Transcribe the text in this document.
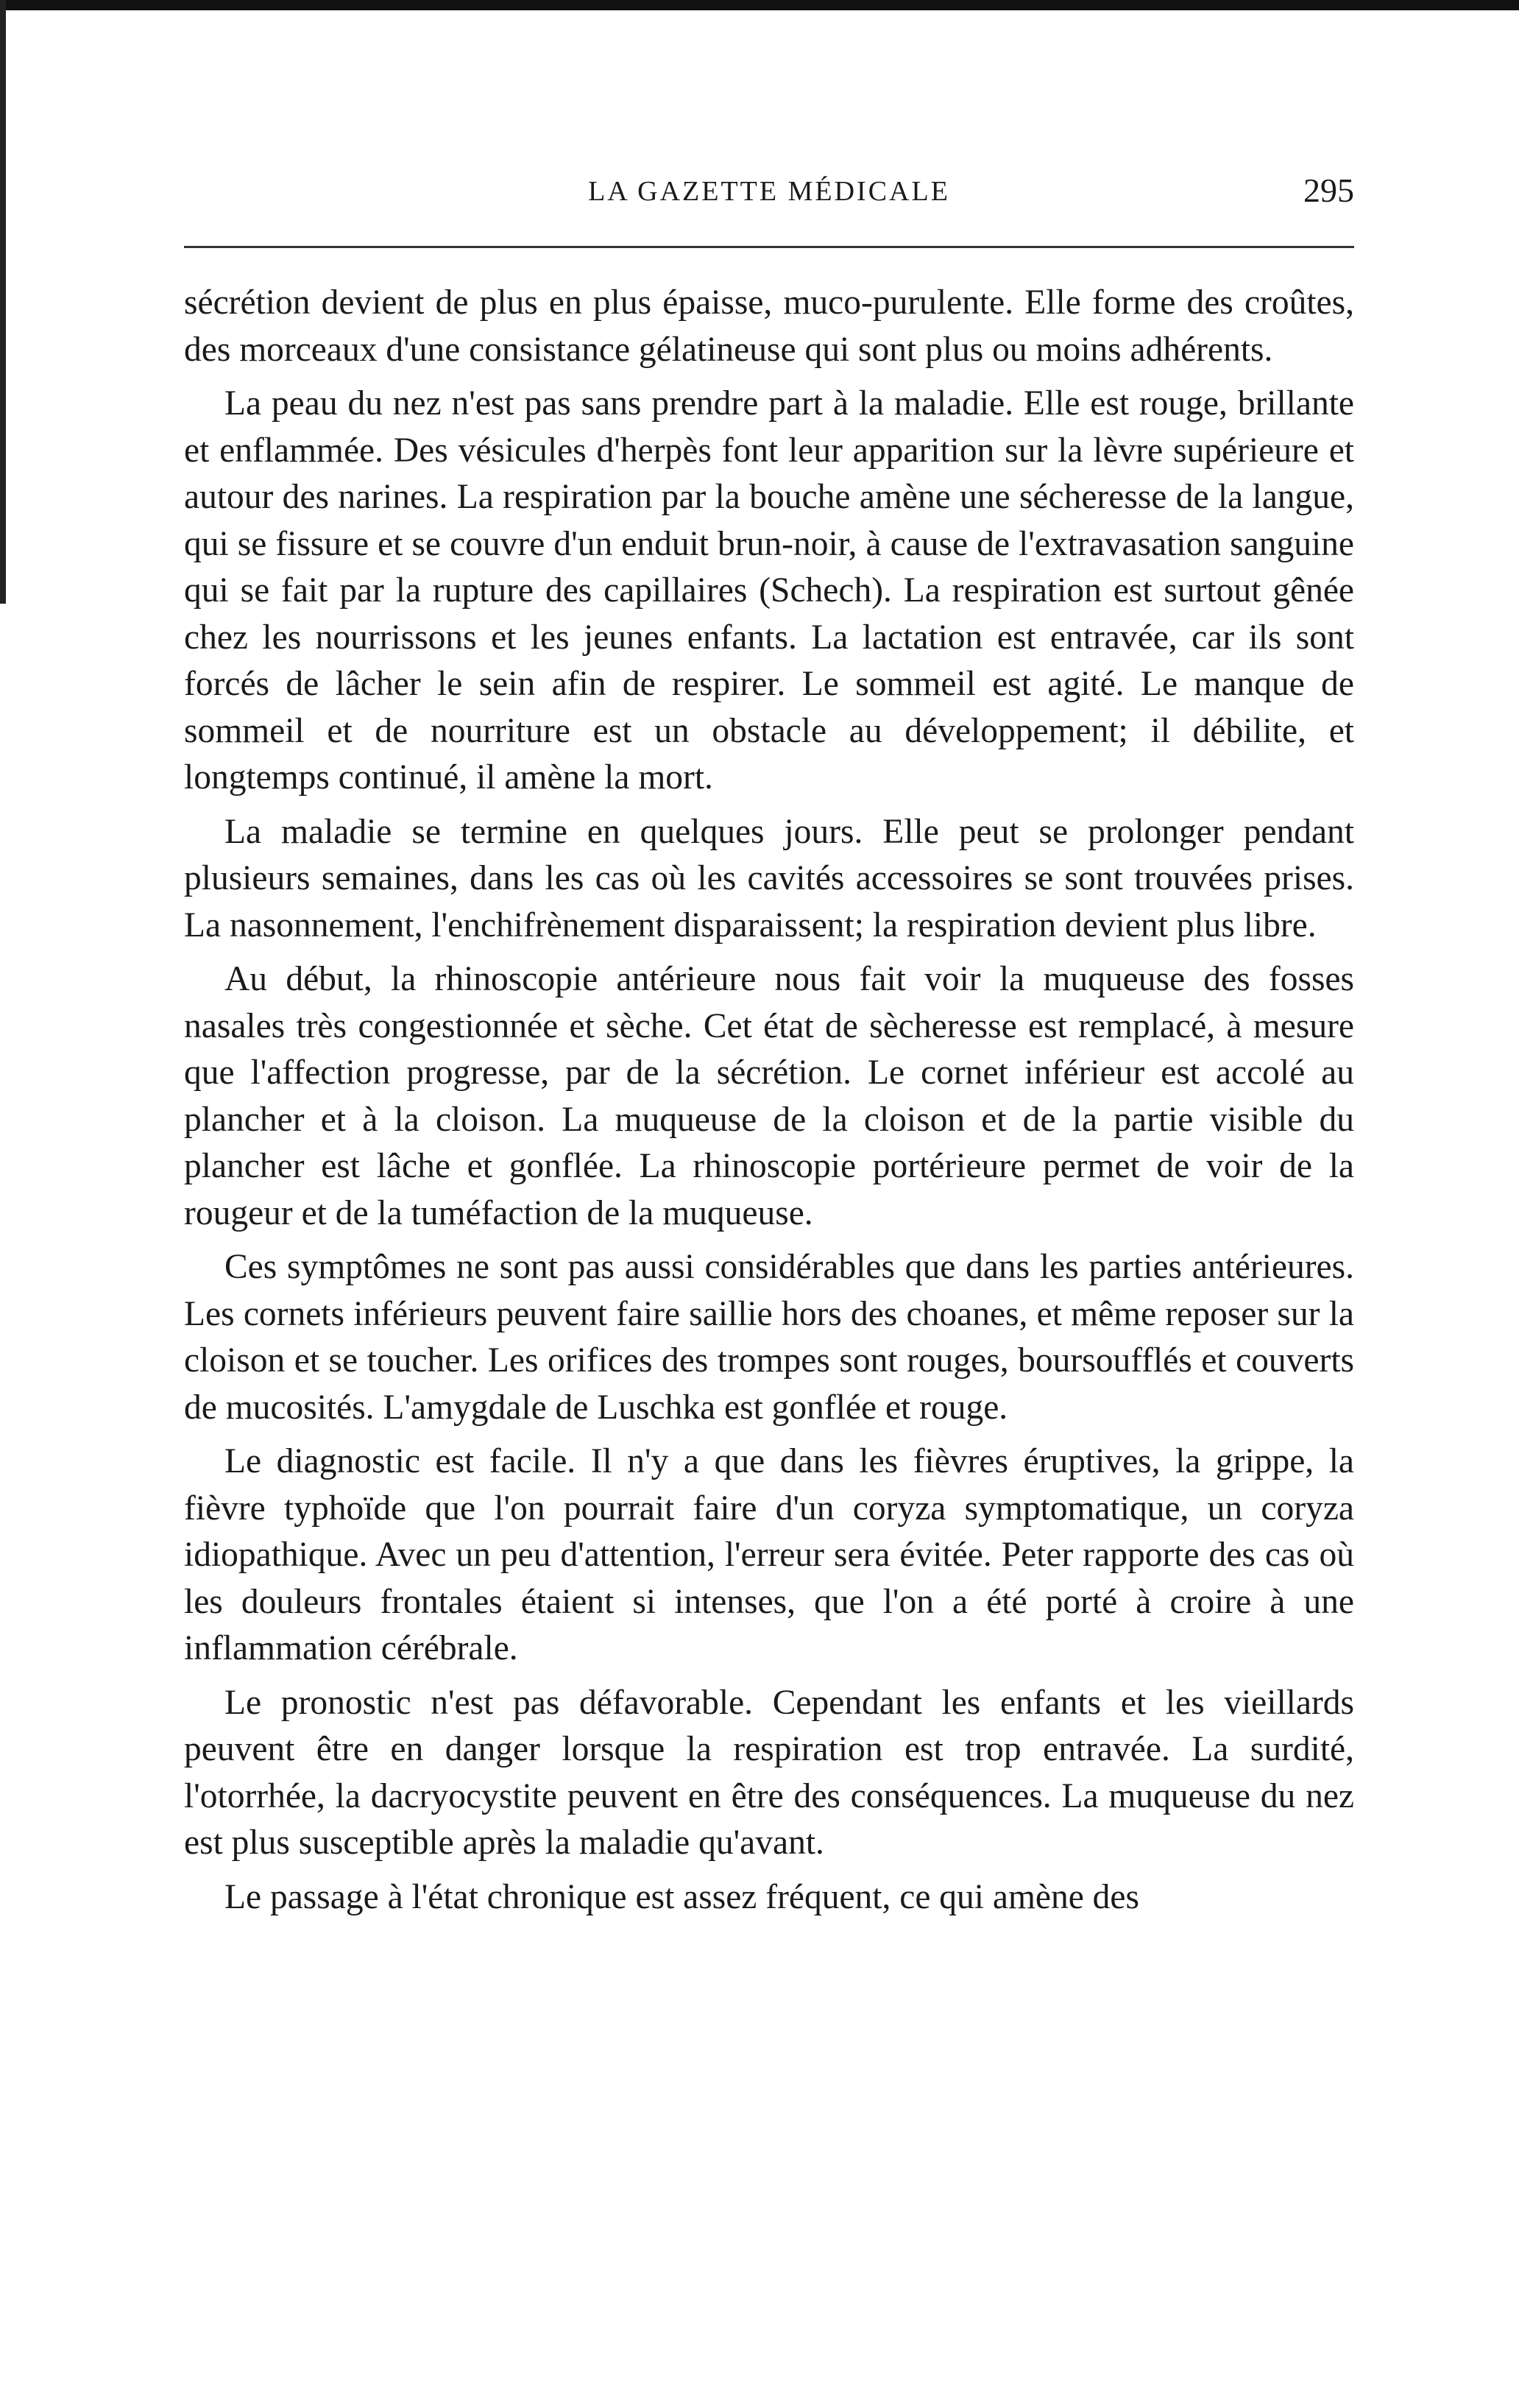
LA GAZETTE MÉDICALE	295

sécrétion devient de plus en plus épaisse, muco-purulente. Elle forme des croûtes, des morceaux d'une consistance gélatineuse qui sont plus ou moins adhérents.

La peau du nez n'est pas sans prendre part à la maladie. Elle est rouge, brillante et enflammée. Des vésicules d'herpès font leur apparition sur la lèvre supérieure et autour des narines. La respiration par la bouche amène une sécheresse de la langue, qui se fissure et se couvre d'un enduit brun-noir, à cause de l'extravasation sanguine qui se fait par la rupture des capillaires (Schech). La respiration est surtout gênée chez les nourrissons et les jeunes enfants. La lactation est entravée, car ils sont forcés de lâcher le sein afin de respirer. Le sommeil est agité. Le manque de sommeil et de nourriture est un obstacle au développement; il débilite, et longtemps continué, il amène la mort.

La maladie se termine en quelques jours. Elle peut se prolonger pendant plusieurs semaines, dans les cas où les cavités accessoires se sont trouvées prises. La nasonnement, l'enchifrènement disparaissent; la respiration devient plus libre.

Au début, la rhinoscopie antérieure nous fait voir la muqueuse des fosses nasales très congestionnée et sèche. Cet état de sècheresse est remplacé, à mesure que l'affection progresse, par de la sécrétion. Le cornet inférieur est accolé au plancher et à la cloison. La muqueuse de la cloison et de la partie visible du plancher est lâche et gonflée. La rhinoscopie portérieure permet de voir de la rougeur et de la tuméfaction de la muqueuse.

Ces symptômes ne sont pas aussi considérables que dans les parties antérieures. Les cornets inférieurs peuvent faire saillie hors des choanes, et même reposer sur la cloison et se toucher. Les orifices des trompes sont rouges, boursoufflés et couverts de mucosités. L'amygdale de Luschka est gonflée et rouge.

Le diagnostic est facile. Il n'y a que dans les fièvres éruptives, la grippe, la fièvre typhoïde que l'on pourrait faire d'un coryza symptomatique, un coryza idiopathique. Avec un peu d'attention, l'erreur sera évitée. Peter rapporte des cas où les douleurs frontales étaient si intenses, que l'on a été porté à croire à une inflammation cérébrale.

Le pronostic n'est pas défavorable. Cependant les enfants et les vieillards peuvent être en danger lorsque la respiration est trop entravée. La surdité, l'otorrhée, la dacryocystite peuvent en être des conséquences. La muqueuse du nez est plus susceptible après la maladie qu'avant.

Le passage à l'état chronique est assez fréquent, ce qui amène des
